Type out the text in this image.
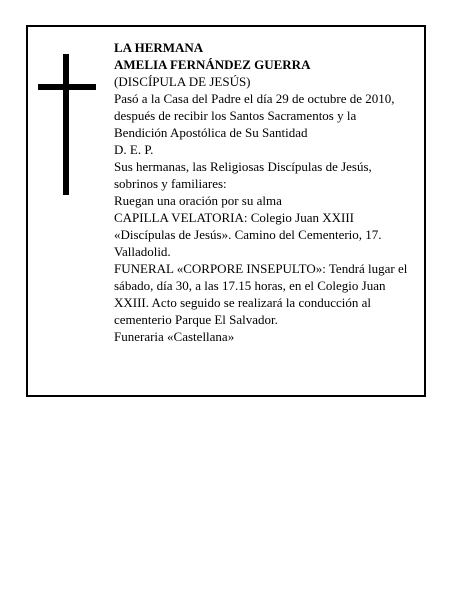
LA HERMANA
AMELIA FERNÁNDEZ GUERRA
(DISCÍPULA DE JESÚS)
Pasó a la Casa del Padre el día 29 de octubre de 2010,
después de recibir los Santos Sacramentos y la
Bendición Apostólica de Su Santidad
D. E. P.
Sus hermanas, las Religiosas Discípulas de Jesús,
sobrinos y familiares:
Ruegan una oración por su alma
CAPILLA VELATORIA: Colegio Juan XXIII
«Discípulas de Jesús». Camino del Cementerio, 17.
Valladolid.
FUNERAL «CORPORE INSEPULTO»: Tendrá lugar el
sábado, día 30, a las 17.15 horas, en el Colegio Juan
XXIII. Acto seguido se realizará la conducción al
cementerio Parque El Salvador.
Funeraria «Castellana»
